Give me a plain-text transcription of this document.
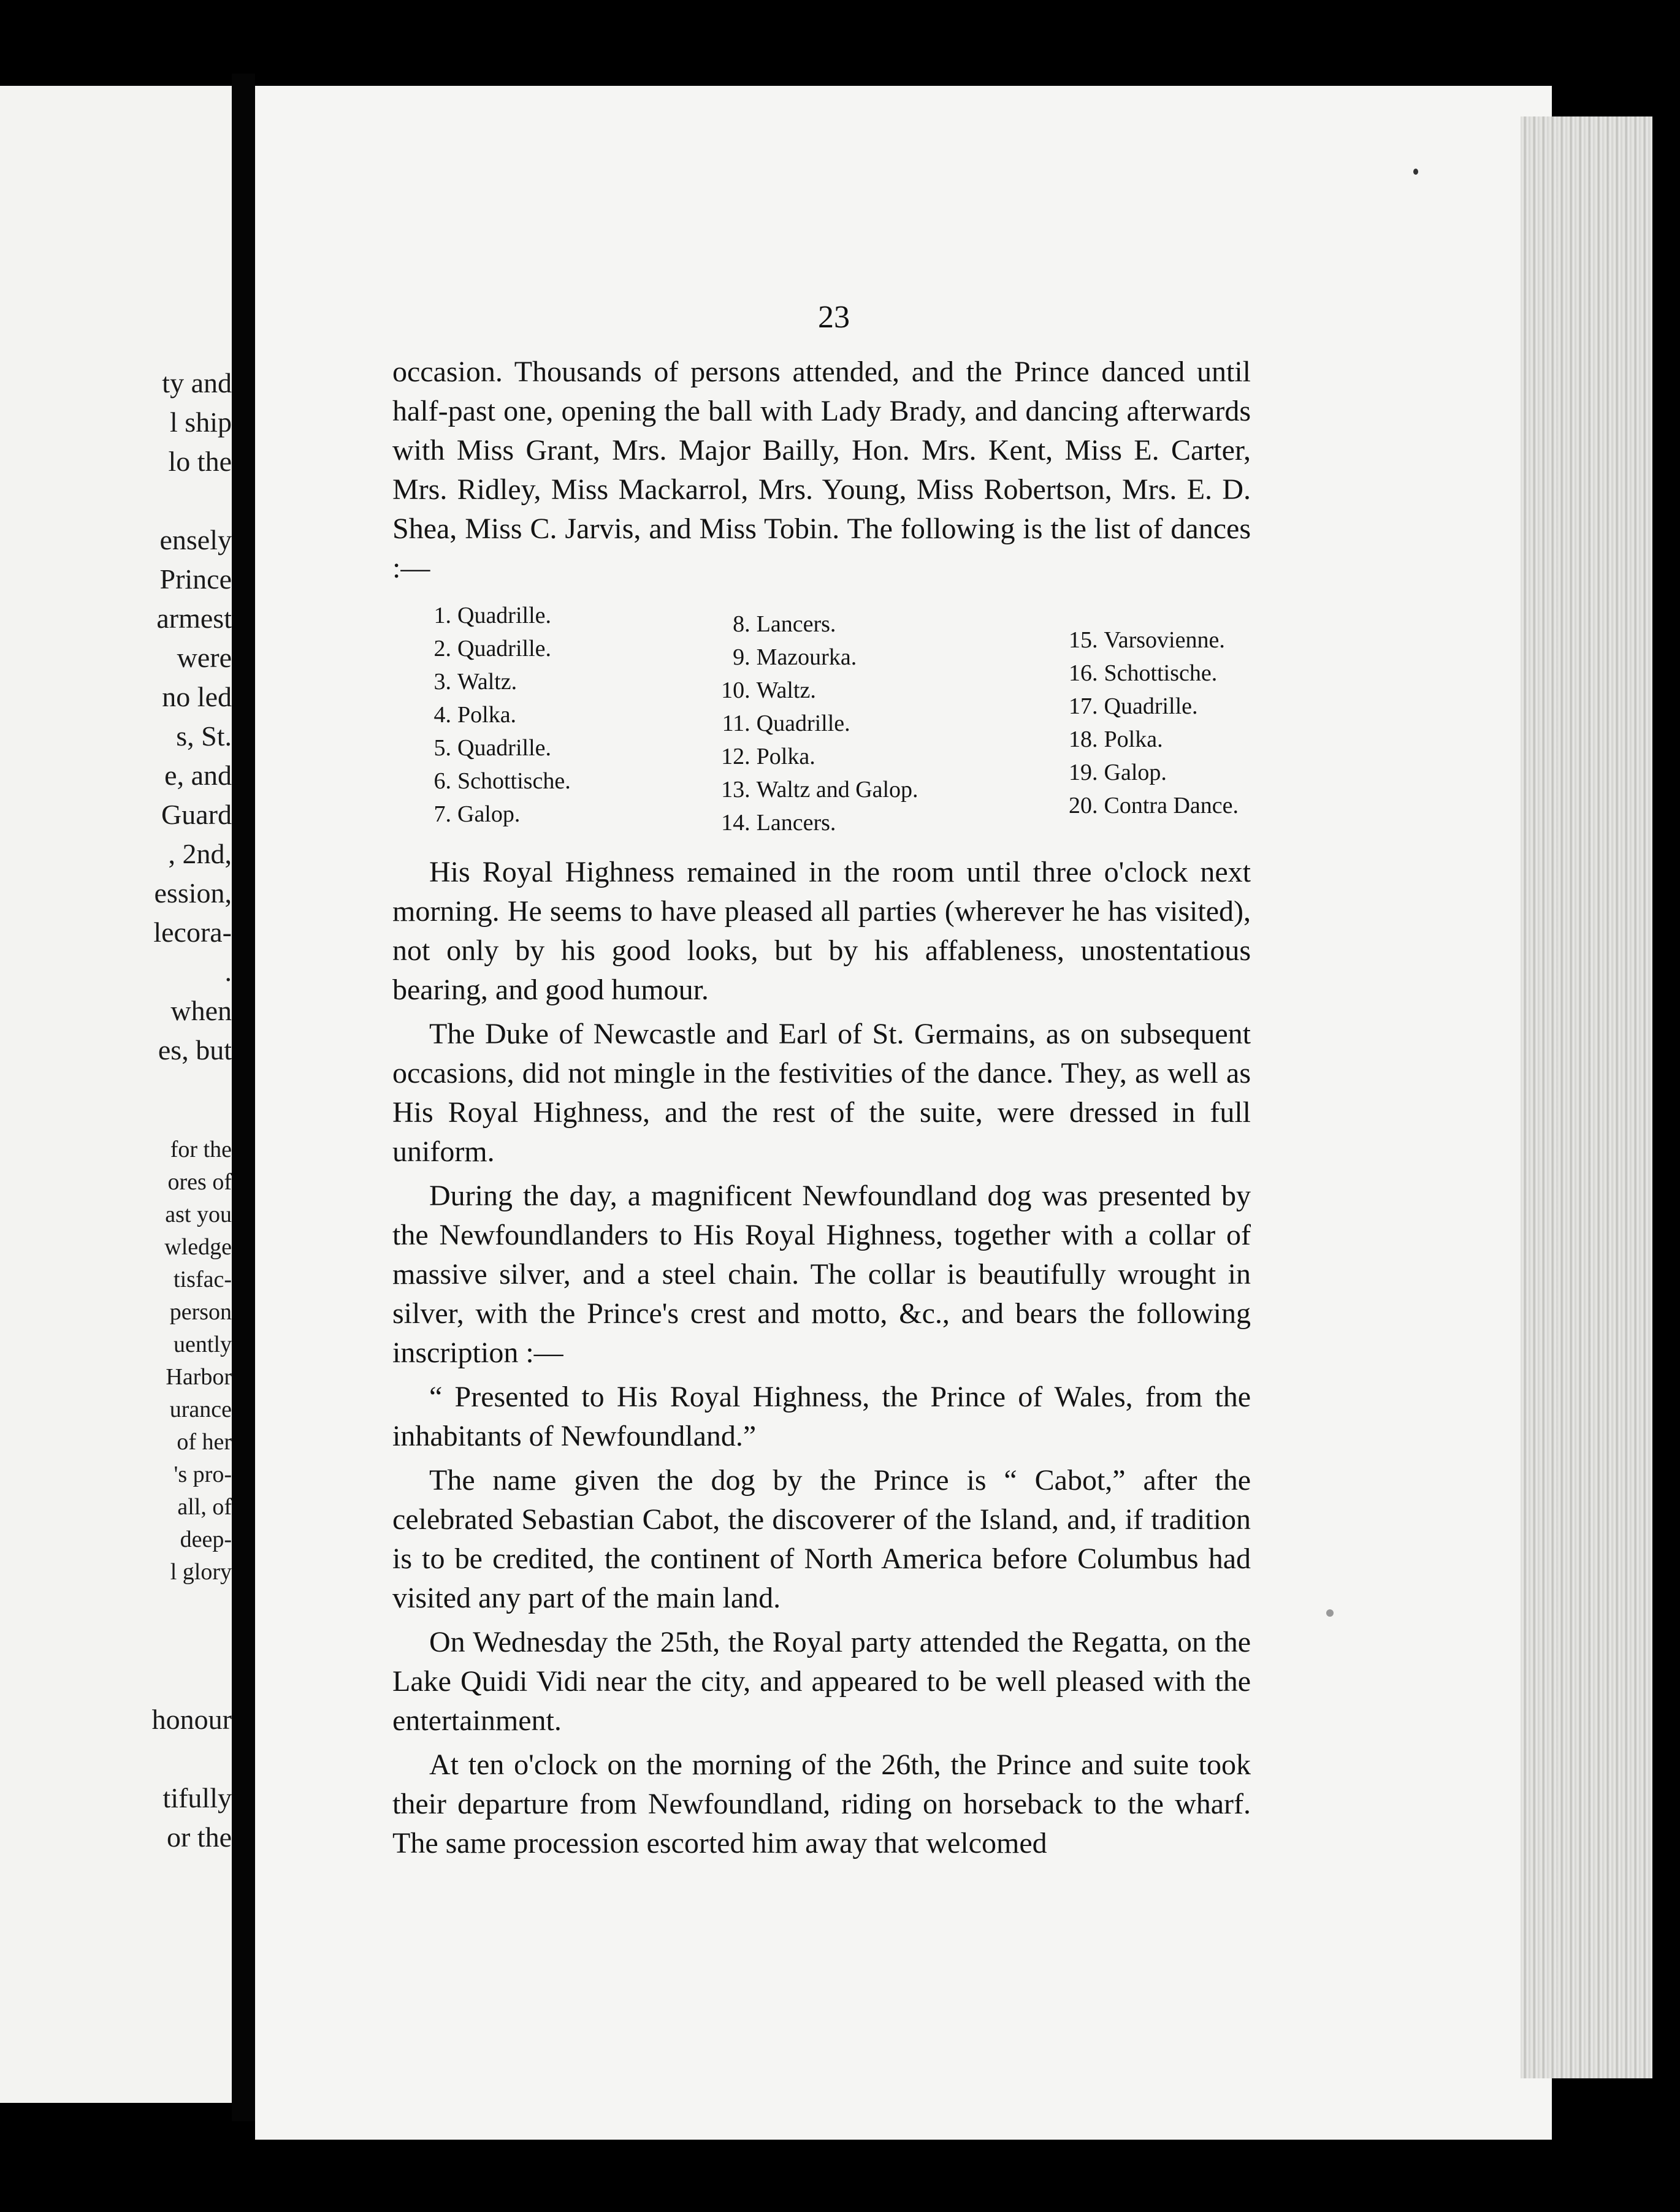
ty and
l ship
lo the
ensely
Prince
armest
were
no led
s, St.
e, and
Guard
, 2nd,
ession,
lecora-
.
when
es, but
for the
ores of
ast you
wledge
tisfac-
person
uently
Harbor
urance
of her
's pro-
all, of
deep-
l glory
honour
tifully
or the
23

occasion. Thousands of persons attended, and the Prince danced until half-past one, opening the ball with Lady Brady, and dancing afterwards with Miss Grant, Mrs. Major Bailly, Hon. Mrs. Kent, Miss E. Carter, Mrs. Ridley, Miss Mackarrol, Mrs. Young, Miss Robertson, Mrs. E. D. Shea, Miss C. Jarvis, and Miss Tobin. The following is the list of dances :—

1. Quadrille.
2. Quadrille.
3. Waltz.
4. Polka.
5. Quadrille.
6. Schottische.
7. Galop.
8. Lancers.
9. Mazourka.
10. Waltz.
11. Quadrille.
12. Polka.
13. Waltz and Galop.
14. Lancers.
15. Varsovienne.
16. Schottische.
17. Quadrille.
18. Polka.
19. Galop.
20. Contra Dance.

His Royal Highness remained in the room until three o'clock next morning. He seems to have pleased all parties (wherever he has visited), not only by his good looks, but by his affableness, unostentatious bearing, and good humour.

The Duke of Newcastle and Earl of St. Germains, as on subsequent occasions, did not mingle in the festivities of the dance. They, as well as His Royal Highness, and the rest of the suite, were dressed in full uniform.

During the day, a magnificent Newfoundland dog was presented by the Newfoundlanders to His Royal Highness, together with a collar of massive silver, and a steel chain. The collar is beautifully wrought in silver, with the Prince's crest and motto, &c., and bears the following inscription :—

“ Presented to His Royal Highness, the Prince of Wales, from the inhabitants of Newfoundland.”

The name given the dog by the Prince is “ Cabot,” after the celebrated Sebastian Cabot, the discoverer of the Island, and, if tradition is to be credited, the continent of North America before Columbus had visited any part of the main land.

On Wednesday the 25th, the Royal party attended the Regatta, on the Lake Quidi Vidi near the city, and appeared to be well pleased with the entertainment.

At ten o'clock on the morning of the 26th, the Prince and suite took their departure from Newfoundland, riding on horseback to the wharf. The same procession escorted him away that welcomed
